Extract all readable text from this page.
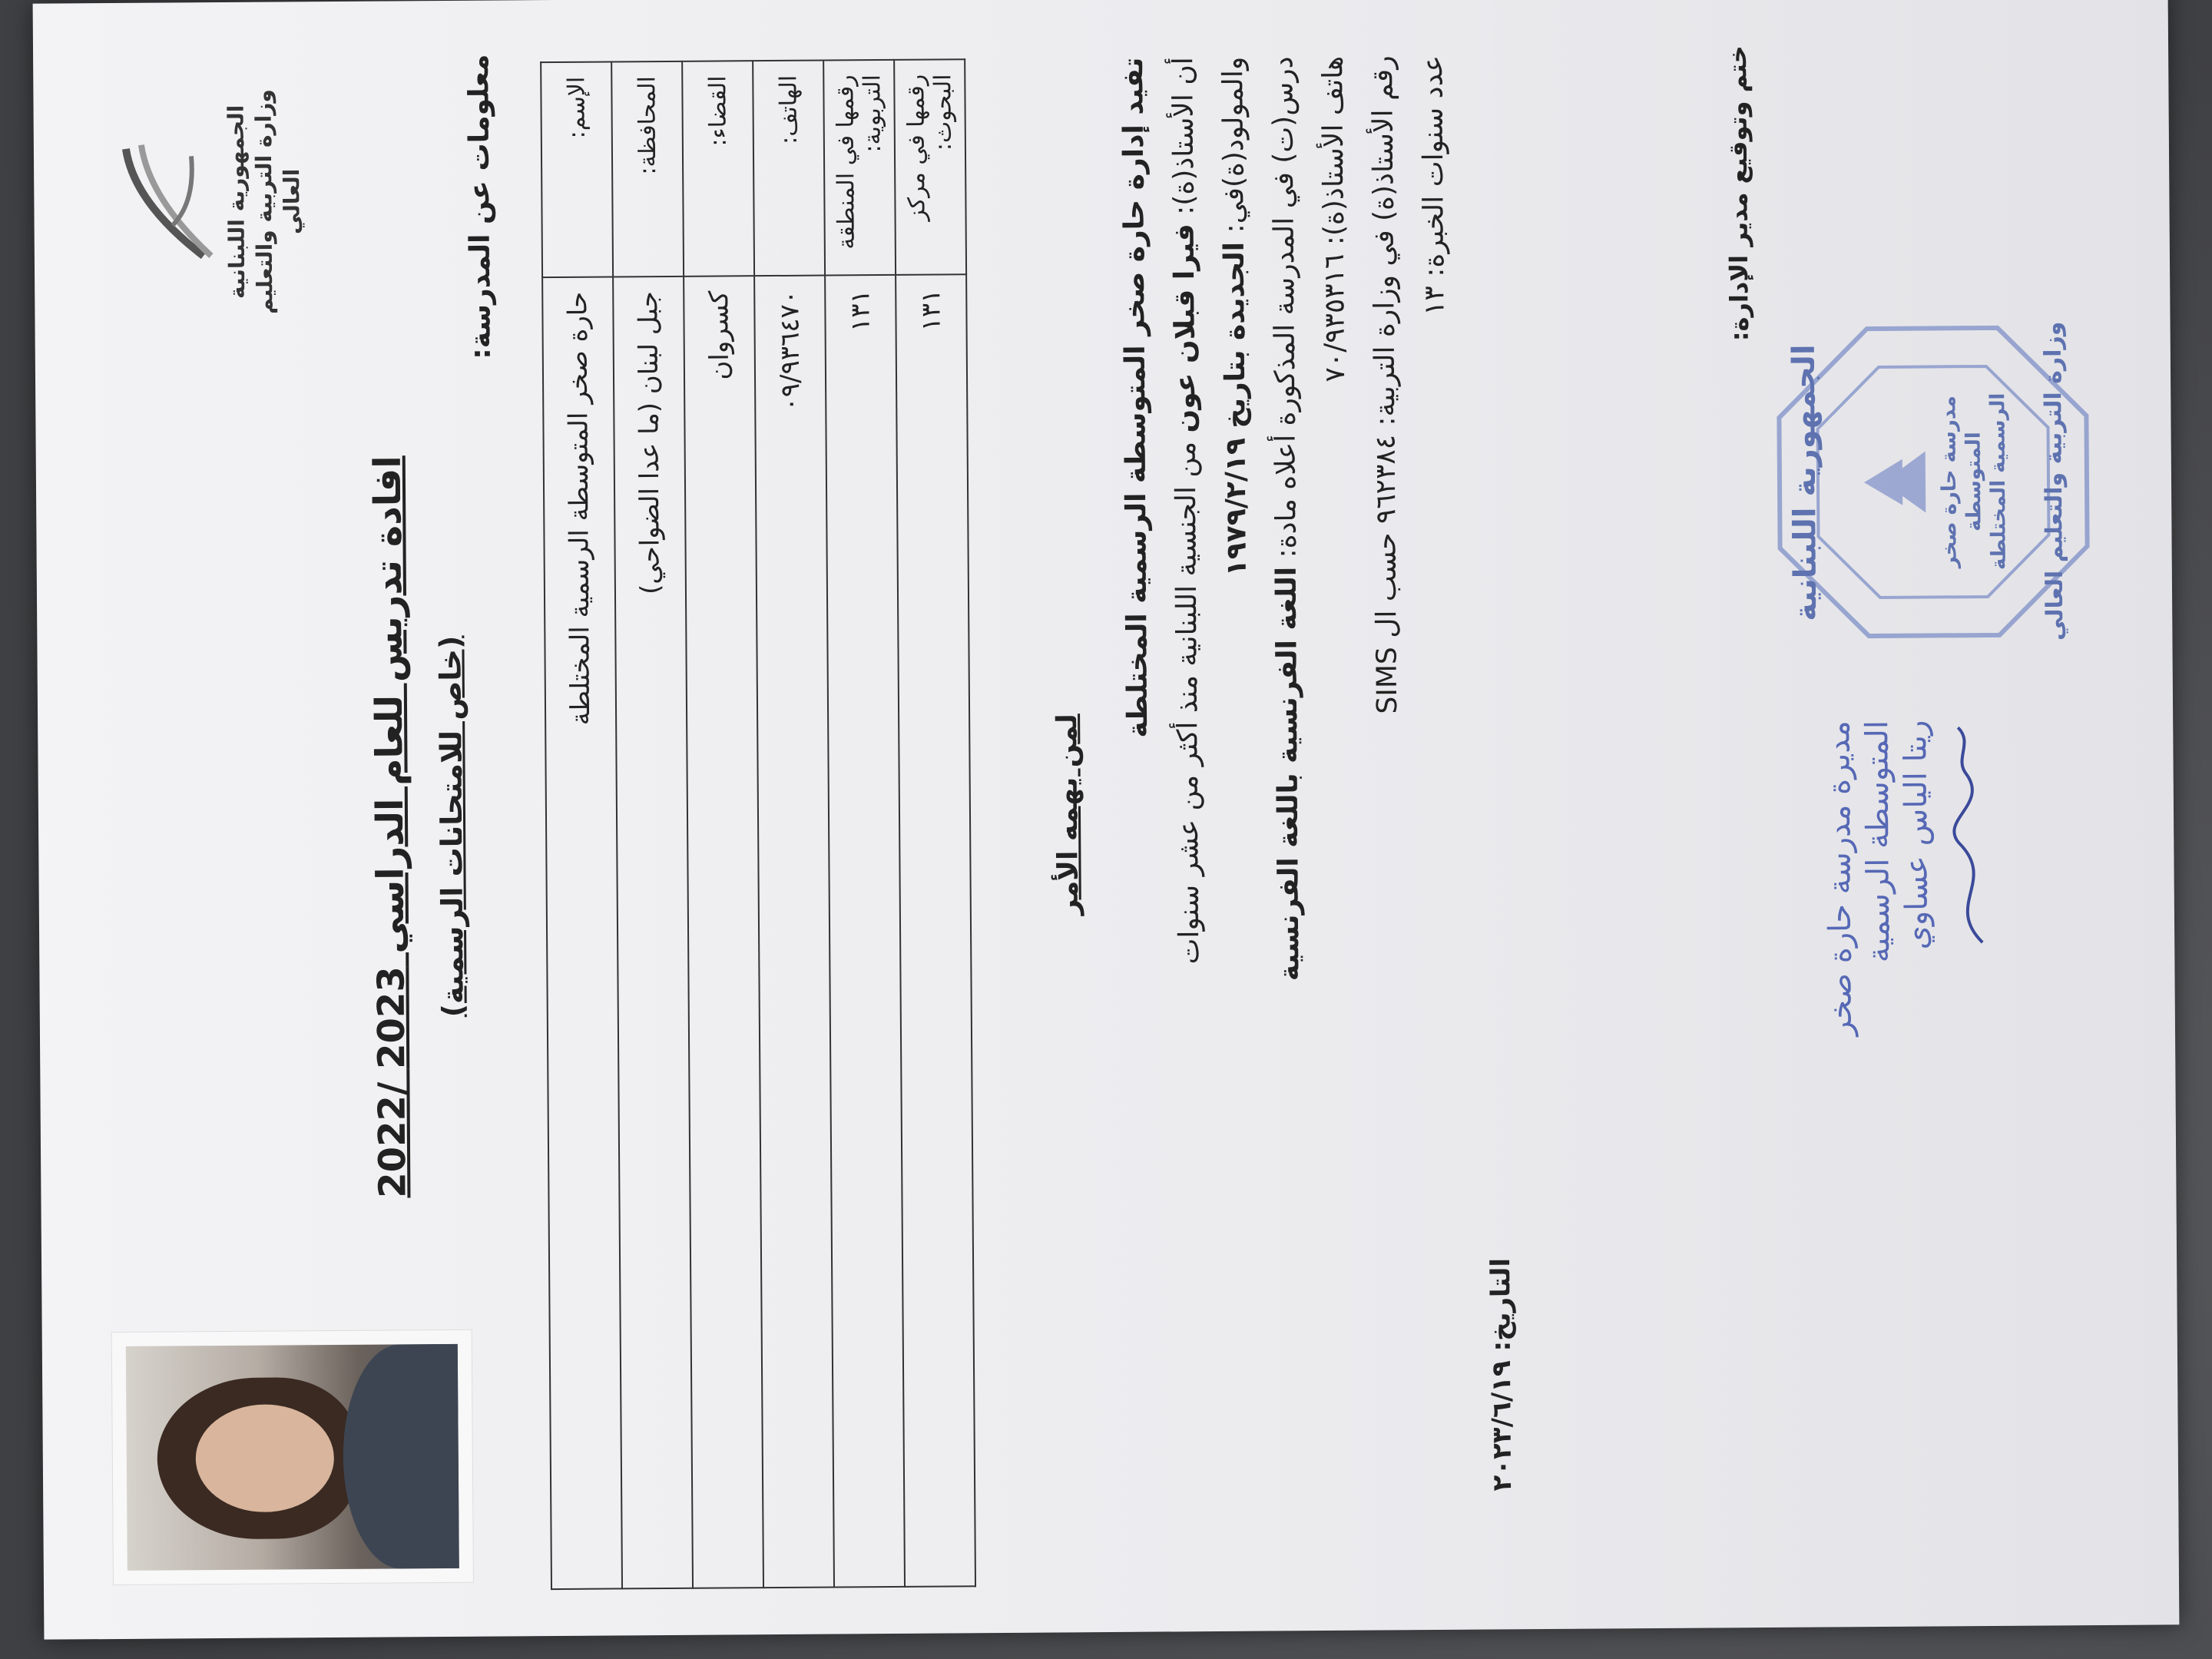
الجمهورية اللبنانية وزارة التربية والتعليم العالي
افادة تدريس للعام الدراسي 2023 /2022
(خاص للامتحانات الرسمية)
معلومات عن المدرسة:	الإسم:	حارة صخر المتوسطة الرسمية المختلطة
المحافظة:	جبل لبنان (ما عدا الضواحي)
القضاء:	كسروان
الهاتف:	٠٩/٩٣٦٤٧٠
رقمها في المنطقة التربوية:	١٣١
رقمها في مركز البحوث:	١٣١
لمن يهمه الأمر

تفيد إدارة حارة صخر المتوسطة الرسمية المختلطة أن الأستاذ(ة): فيرا قبلان عون من الجنسية اللبنانية منذ أكثر من عشر سنوات

والمولود(ة)في: الجديدة بتاريخ ١٩٧٩/٢/١٩ درس(ت) في المدرسة المذكورة أعلاه مادة: اللغة الفرنسية باللغة الفرنسية

هاتف الأستاذ(ة): ٧٠/٩٣٥٣١٦

رقم الأستاذ(ة) في وزارة التربية: ٩٦٢٣٨٤ حسب ال SIMS عدد سنوات الخبرة: ١٣	ختم وتوقيع مدير الإدارة:
الجمهورية اللبنانية	مدرسة حارة صخر المتوسطة الرسمية المختلطة وزارة التربية والتعليم العالي
مديرة مدرسة حارة صخر المتوسطة الرسمية ريتا الياس عساوي
التاريخ: ٢٠٢٣/٦/١٩
